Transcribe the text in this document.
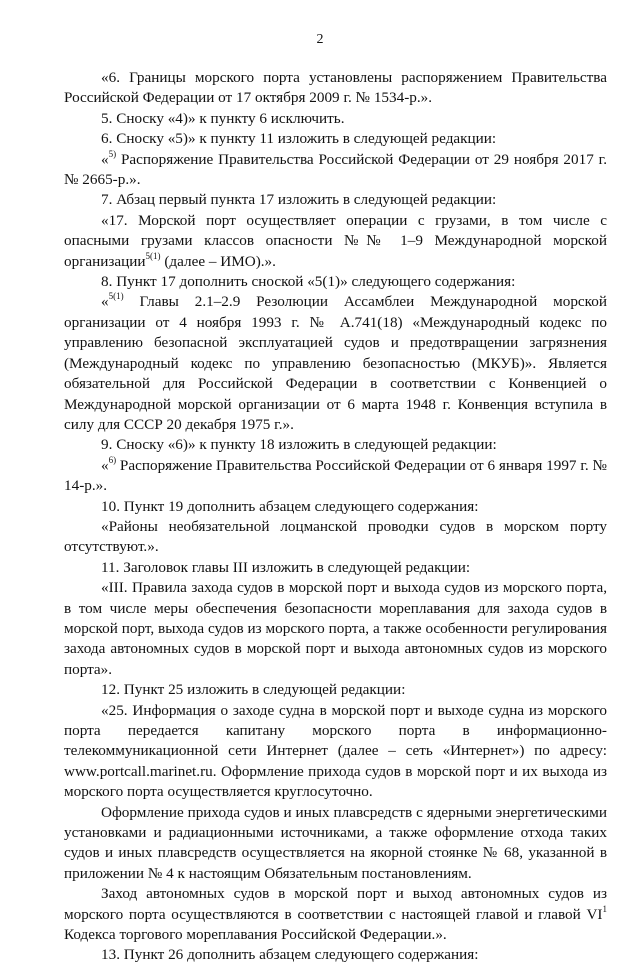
2

«6. Границы морского порта установлены распоряжением Правительства Российской Федерации от 17 октября 2009 г. № 1534-р.».

5. Сноску «4)» к пункту 6 исключить.

6. Сноску «5)» к пункту 11 изложить в следующей редакции:

«$^{5)}$ Распоряжение Правительства Российской Федерации от 29 ноября 2017 г. № 2665-р.».

7. Абзац первый пункта 17 изложить в следующей редакции:

«17. Морской порт осуществляет операции с грузами, в том числе с опасными грузами классов опасности №№ 1–9 Международной морской организации$^{5(1)}$ (далее – ИМО).».

8. Пункт 17 дополнить сноской «5(1)» следующего содержания:

«$^{5(1)}$ Главы 2.1–2.9 Резолюции Ассамблеи Международной морской организации от 4 ноября 1993 г. № А.741(18) «Международный кодекс по управлению безопасной эксплуатацией судов и предотвращении загрязнения (Международный кодекс по управлению безопасностью (МКУБ)». Является обязательной для Российской Федерации в соответствии с Конвенцией о Международной морской организации от 6 марта 1948 г. Конвенция вступила в силу для СССР 20 декабря 1975 г.».

9. Сноску «6)» к пункту 18 изложить в следующей редакции:

«$^{6)}$ Распоряжение Правительства Российской Федерации от 6 января 1997 г. № 14-р.».

10. Пункт 19 дополнить абзацем следующего содержания:

«Районы необязательной лоцманской проводки судов в морском порту отсутствуют.».

11. Заголовок главы III изложить в следующей редакции:

«III. Правила захода судов в морской порт и выхода судов из морского порта, в том числе меры обеспечения безопасности мореплавания для захода судов в морской порт, выхода судов из морского порта, а также особенности регулирования захода автономных судов в морской порт и выхода автономных судов из морского порта».

12. Пункт 25 изложить в следующей редакции:

«25. Информация о заходе судна в морской порт и выходе судна из морского порта передается капитану морского порта в информационно-телекоммуникационной сети Интернет (далее – сеть «Интернет») по адресу: www.portcall.marinet.ru. Оформление прихода судов в морской порт и их выхода из морского порта осуществляется круглосуточно.

Оформление прихода судов и иных плавсредств с ядерными энергетическими установками и радиационными источниками, а также оформление отхода таких судов и иных плавсредств осуществляется на якорной стоянке № 68, указанной в приложении № 4 к настоящим Обязательным постановлениям.

Заход автономных судов в морской порт и выход автономных судов из морского порта осуществляются в соответствии с настоящей главой и главой $VI^1$ Кодекса торгового мореплавания Российской Федерации.».

13. Пункт 26 дополнить абзацем следующего содержания:
